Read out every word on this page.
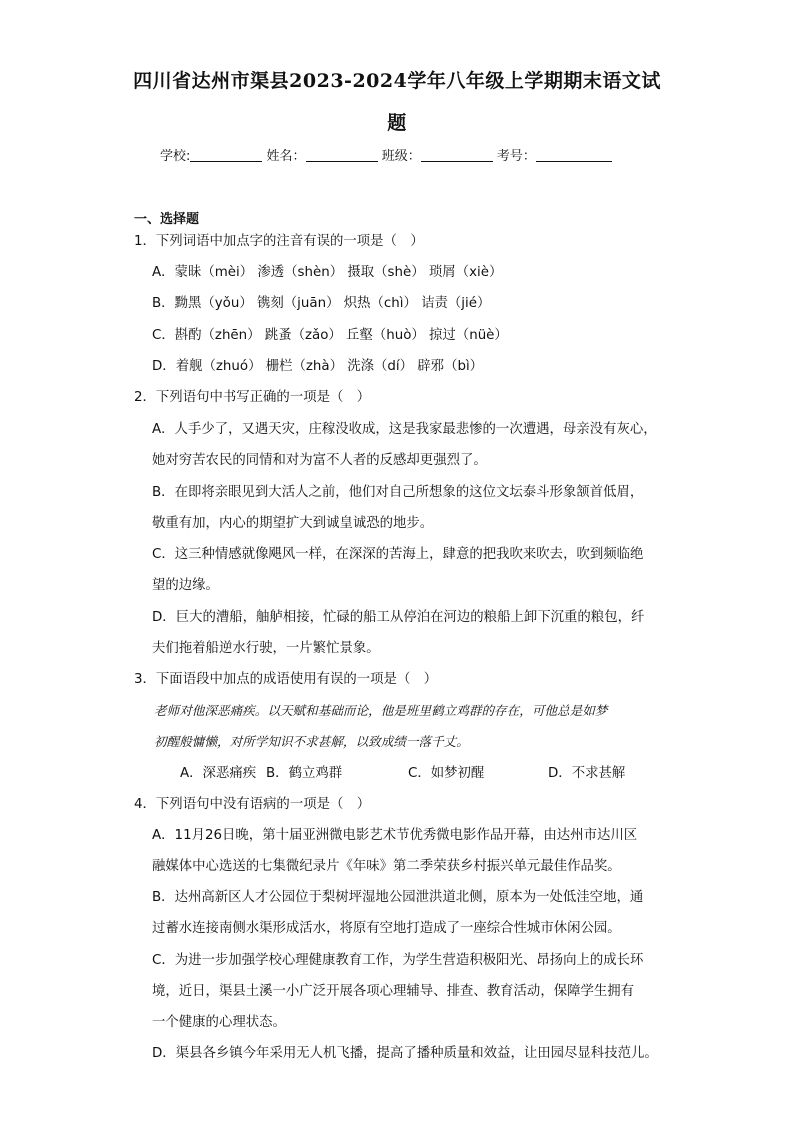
四川省达州市渠县2023-2024学年八年级上学期期末语文试
题
学校:	姓名：	班级：	考号：
一、选择题
1．下列词语中加点字的注音有误的一项是（　）
A．蒙昧（mèi） 渗透（shèn） 摄取（shè） 琐屑（xiè）
B．黝黑（yǒu） 镌刻（juān） 炽热（chì） 诘责（jié）
C．斟酌（zhēn） 跳蚤（zǎo） 丘壑（huò） 掠过（nüè）
D．着舰（zhuó） 栅栏（zhà） 洗涤（dí） 辟邪（bì）
2．下列语句中书写正确的一项是（　）
A．人手少了，又遇天灾，庄稼没收成，这是我家最悲惨的一次遭遇，母亲没有灰心，
她对穷苦农民的同情和对为富不人者的反感却更强烈了。
B．在即将亲眼见到大活人之前，他们对自己所想象的这位文坛泰斗形象颔首低眉，
敬重有加，内心的期望扩大到诚皇诚恐的地步。
C．这三种情感就像飓风一样，在深深的苦海上，肆意的把我吹来吹去，吹到频临绝
望的边缘。
D．巨大的漕船，舳舻相接，忙碌的船工从停泊在河边的粮船上卸下沉重的粮包，纤
夫们拖着船逆水行驶，一片繁忙景象。
3．下面语段中加点的成语使用有误的一项是（　）
老师对他深恶痛疾。以天赋和基础而论，他是班里鹤立鸡群的存在，可他总是如梦
初醒般慵懒，对所学知识不求甚解，以致成绩一落千丈。
A．深恶痛疾 B．鹤立鸡群	C．如梦初醒	D．不求甚解
4．下列语句中没有语病的一项是（　）
A．11月26日晚，第十届亚洲微电影艺术节优秀微电影作品开幕，由达州市达川区
融媒体中心选送的七集微纪录片《年味》第二季荣获乡村振兴单元最佳作品奖。
B．达州高新区人才公园位于梨树坪湿地公园泄洪道北侧，原本为一处低洼空地，通
过蓄水连接南侧水渠形成活水，将原有空地打造成了一座综合性城市休闲公园。
C．为进一步加强学校心理健康教育工作，为学生营造积极阳光、昂扬向上的成长环
境，近日，渠县土溪一小广泛开展各项心理辅导、排查、教育活动，保障学生拥有
一个健康的心理状态。
D．渠县各乡镇今年采用无人机飞播，提高了播种质量和效益，让田园尽显科技范儿。
